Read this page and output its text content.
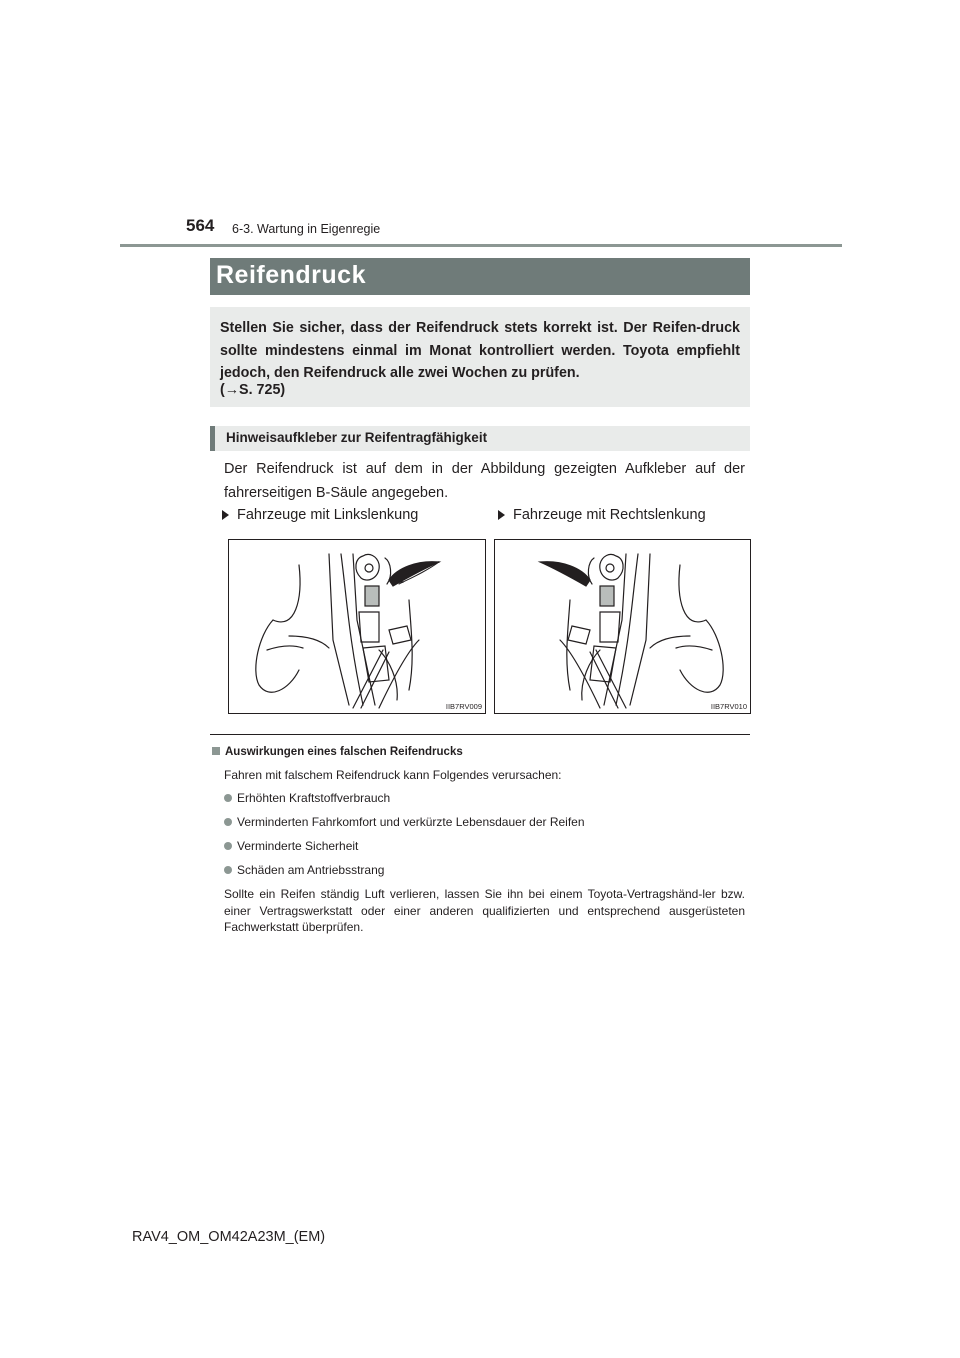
564 6-3. Wartung in Eigenregie
Reifendruck
Stellen Sie sicher, dass der Reifendruck stets korrekt ist. Der Reifen-druck sollte mindestens einmal im Monat kontrolliert werden. Toyota empfiehlt jedoch, den Reifendruck alle zwei Wochen zu prüfen.
(→S. 725)
Hinweisaufkleber zur Reifentragfähigkeit
Der Reifendruck ist auf dem in der Abbildung gezeigten Aufkleber auf der fahrerseitigen B-Säule angegeben.
Fahrzeuge mit Linkslenkung	Fahrzeuge mit Rechtslenkung
IIB7RV009	IIB7RV010
Auswirkungen eines falschen Reifendrucks
Fahren mit falschem Reifendruck kann Folgendes verursachen:
Erhöhten Kraftstoffverbrauch
Verminderten Fahrkomfort und verkürzte Lebensdauer der Reifen
Verminderte Sicherheit
Schäden am Antriebsstrang
Sollte ein Reifen ständig Luft verlieren, lassen Sie ihn bei einem Toyota-Vertragshänd-ler bzw. einer Vertragswerkstatt oder einer anderen qualifizierten und entsprechend ausgerüsteten Fachwerkstatt überprüfen.
RAV4_OM_OM42A23M_(EM)
